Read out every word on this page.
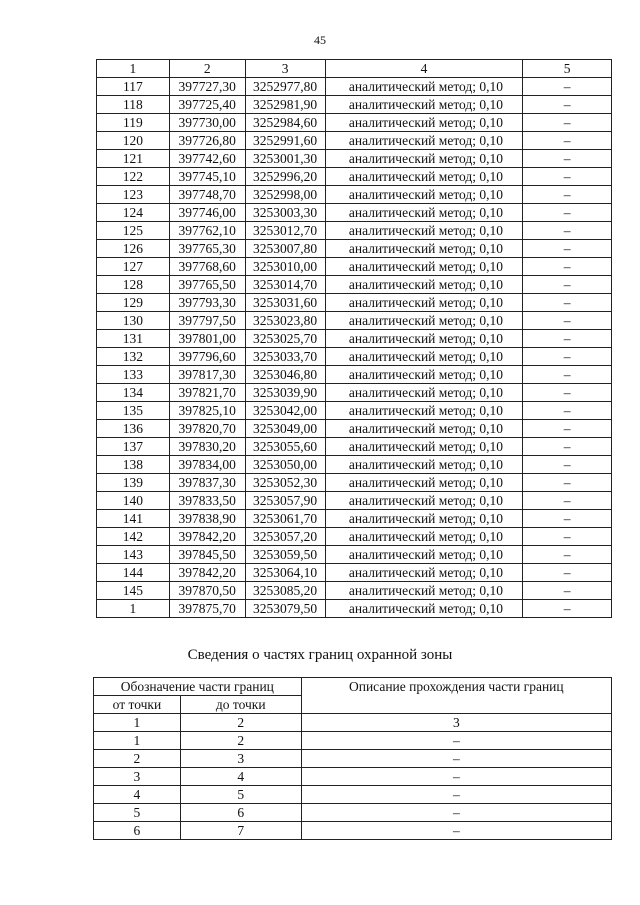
45
1	2	3	4	5
117	397727,30	3252977,80	аналитический метод; 0,10	–
118	397725,40	3252981,90	аналитический метод; 0,10	–
119	397730,00	3252984,60	аналитический метод; 0,10	–
120	397726,80	3252991,60	аналитический метод; 0,10	–
121	397742,60	3253001,30	аналитический метод; 0,10	–
122	397745,10	3252996,20	аналитический метод; 0,10	–
123	397748,70	3252998,00	аналитический метод; 0,10	–
124	397746,00	3253003,30	аналитический метод; 0,10	–
125	397762,10	3253012,70	аналитический метод; 0,10	–
126	397765,30	3253007,80	аналитический метод; 0,10	–
127	397768,60	3253010,00	аналитический метод; 0,10	–
128	397765,50	3253014,70	аналитический метод; 0,10	–
129	397793,30	3253031,60	аналитический метод; 0,10	–
130	397797,50	3253023,80	аналитический метод; 0,10	–
131	397801,00	3253025,70	аналитический метод; 0,10	–
132	397796,60	3253033,70	аналитический метод; 0,10	–
133	397817,30	3253046,80	аналитический метод; 0,10	–
134	397821,70	3253039,90	аналитический метод; 0,10	–
135	397825,10	3253042,00	аналитический метод; 0,10	–
136	397820,70	3253049,00	аналитический метод; 0,10	–
137	397830,20	3253055,60	аналитический метод; 0,10	–
138	397834,00	3253050,00	аналитический метод; 0,10	–
139	397837,30	3253052,30	аналитический метод; 0,10	–
140	397833,50	3253057,90	аналитический метод; 0,10	–
141	397838,90	3253061,70	аналитический метод; 0,10	–
142	397842,20	3253057,20	аналитический метод; 0,10	–
143	397845,50	3253059,50	аналитический метод; 0,10	–
144	397842,20	3253064,10	аналитический метод; 0,10	–
145	397870,50	3253085,20	аналитический метод; 0,10	–
1	397875,70	3253079,50	аналитический метод; 0,10	–
Сведения о частях границ охранной зоны
Обозначение части границ		Описание прохождения части границ
от точки	до точки	
1	2	3
1	2	–
2	3	–
3	4	–
4	5	–
5	6	–
6	7	–
